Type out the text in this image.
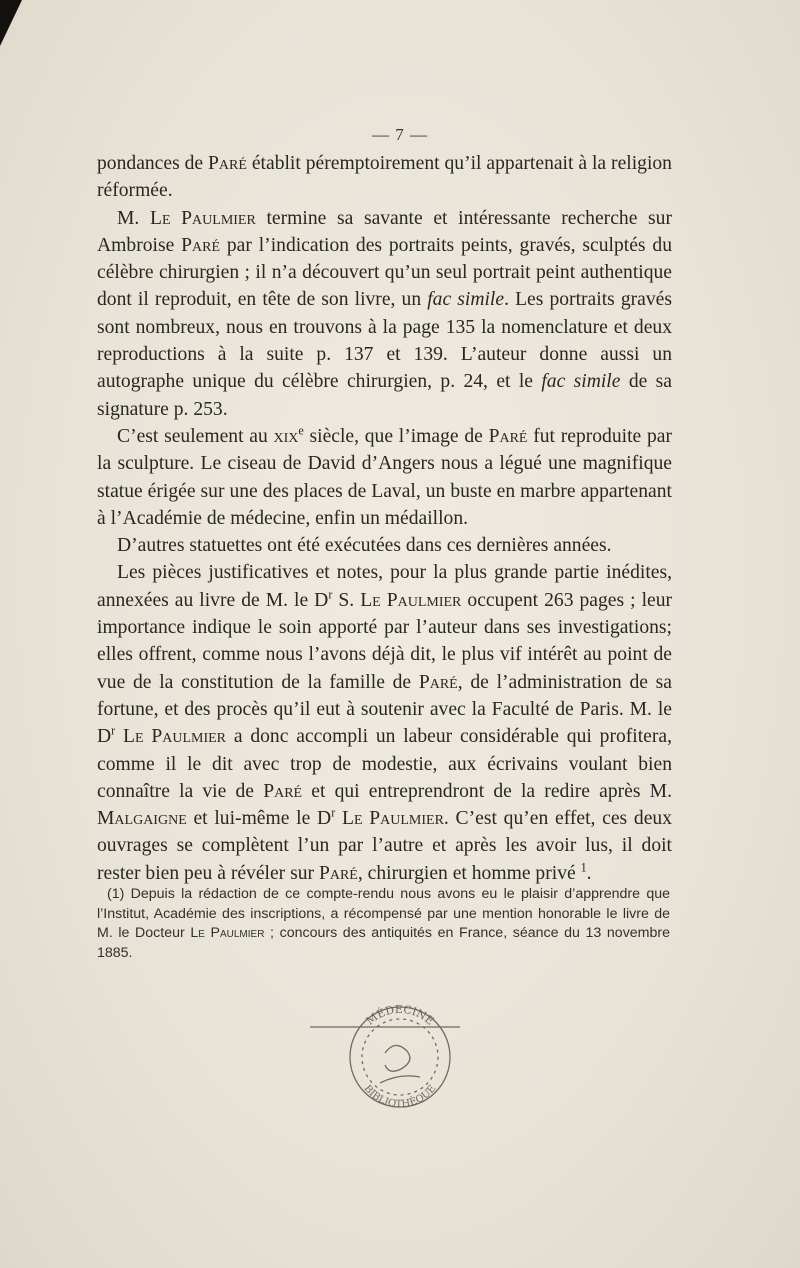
— 7 —

pondances de Paré établit péremptoirement qu’il appartenait à la religion réformée.

M. Le Paulmier termine sa savante et intéressante recherche sur Ambroise Paré par l’indication des portraits peints, gravés, sculptés du célèbre chirurgien ; il n’a découvert qu’un seul portrait peint authentique dont il reproduit, en tête de son livre, un fac simile. Les portraits gravés sont nombreux, nous en trouvons à la page 135 la nomenclature et deux reproductions à la suite p. 137 et 139. L’auteur donne aussi un autographe unique du célèbre chirurgien, p. 24, et le fac simile de sa signature p. 253.

C’est seulement au xix$^e$ siècle, que l’image de Paré fut reproduite par la sculpture. Le ciseau de David d’Angers nous a légué une magnifique statue érigée sur une des places de Laval, un buste en marbre appartenant à l’Académie de médecine, enfin un médaillon.

D’autres statuettes ont été exécutées dans ces dernières années.

Les pièces justificatives et notes, pour la plus grande partie inédites, annexées au livre de M. le $D^r$ S. Le Paulmier occupent 263 pages ; leur importance indique le soin apporté par l’auteur dans ses investigations; elles offrent, comme nous l’avons déjà dit, le plus vif intérêt au point de vue de la constitution de la famille de Paré, de l’administration de sa fortune, et des procès qu’il eut à soutenir avec la Faculté de Paris. M. le $D^r$ Le Paulmier a donc accompli un labeur considérable qui profitera, comme il le dit avec trop de modestie, aux écrivains voulant bien connaître la vie de Paré et qui entreprendront de la redire après M. Malgaigne et lui-même le $D^r$ Le Paulmier. C’est qu’en effet, ces deux ouvrages se complètent l’un par l’autre et après les avoir lus, il doit rester bien peu à révéler sur Paré, chirurgien et homme privé $^1$.

(1) Depuis la rédaction de ce compte-rendu nous avons eu le plaisir d’apprendre que l’Institut, Académie des inscriptions, a récompensé par une mention honorable le livre de M. le Docteur Le Paulmier ; concours des antiquités en France, séance du 13 novembre 1885.

MÉDECINE
BIBLIOTHÈQUE
